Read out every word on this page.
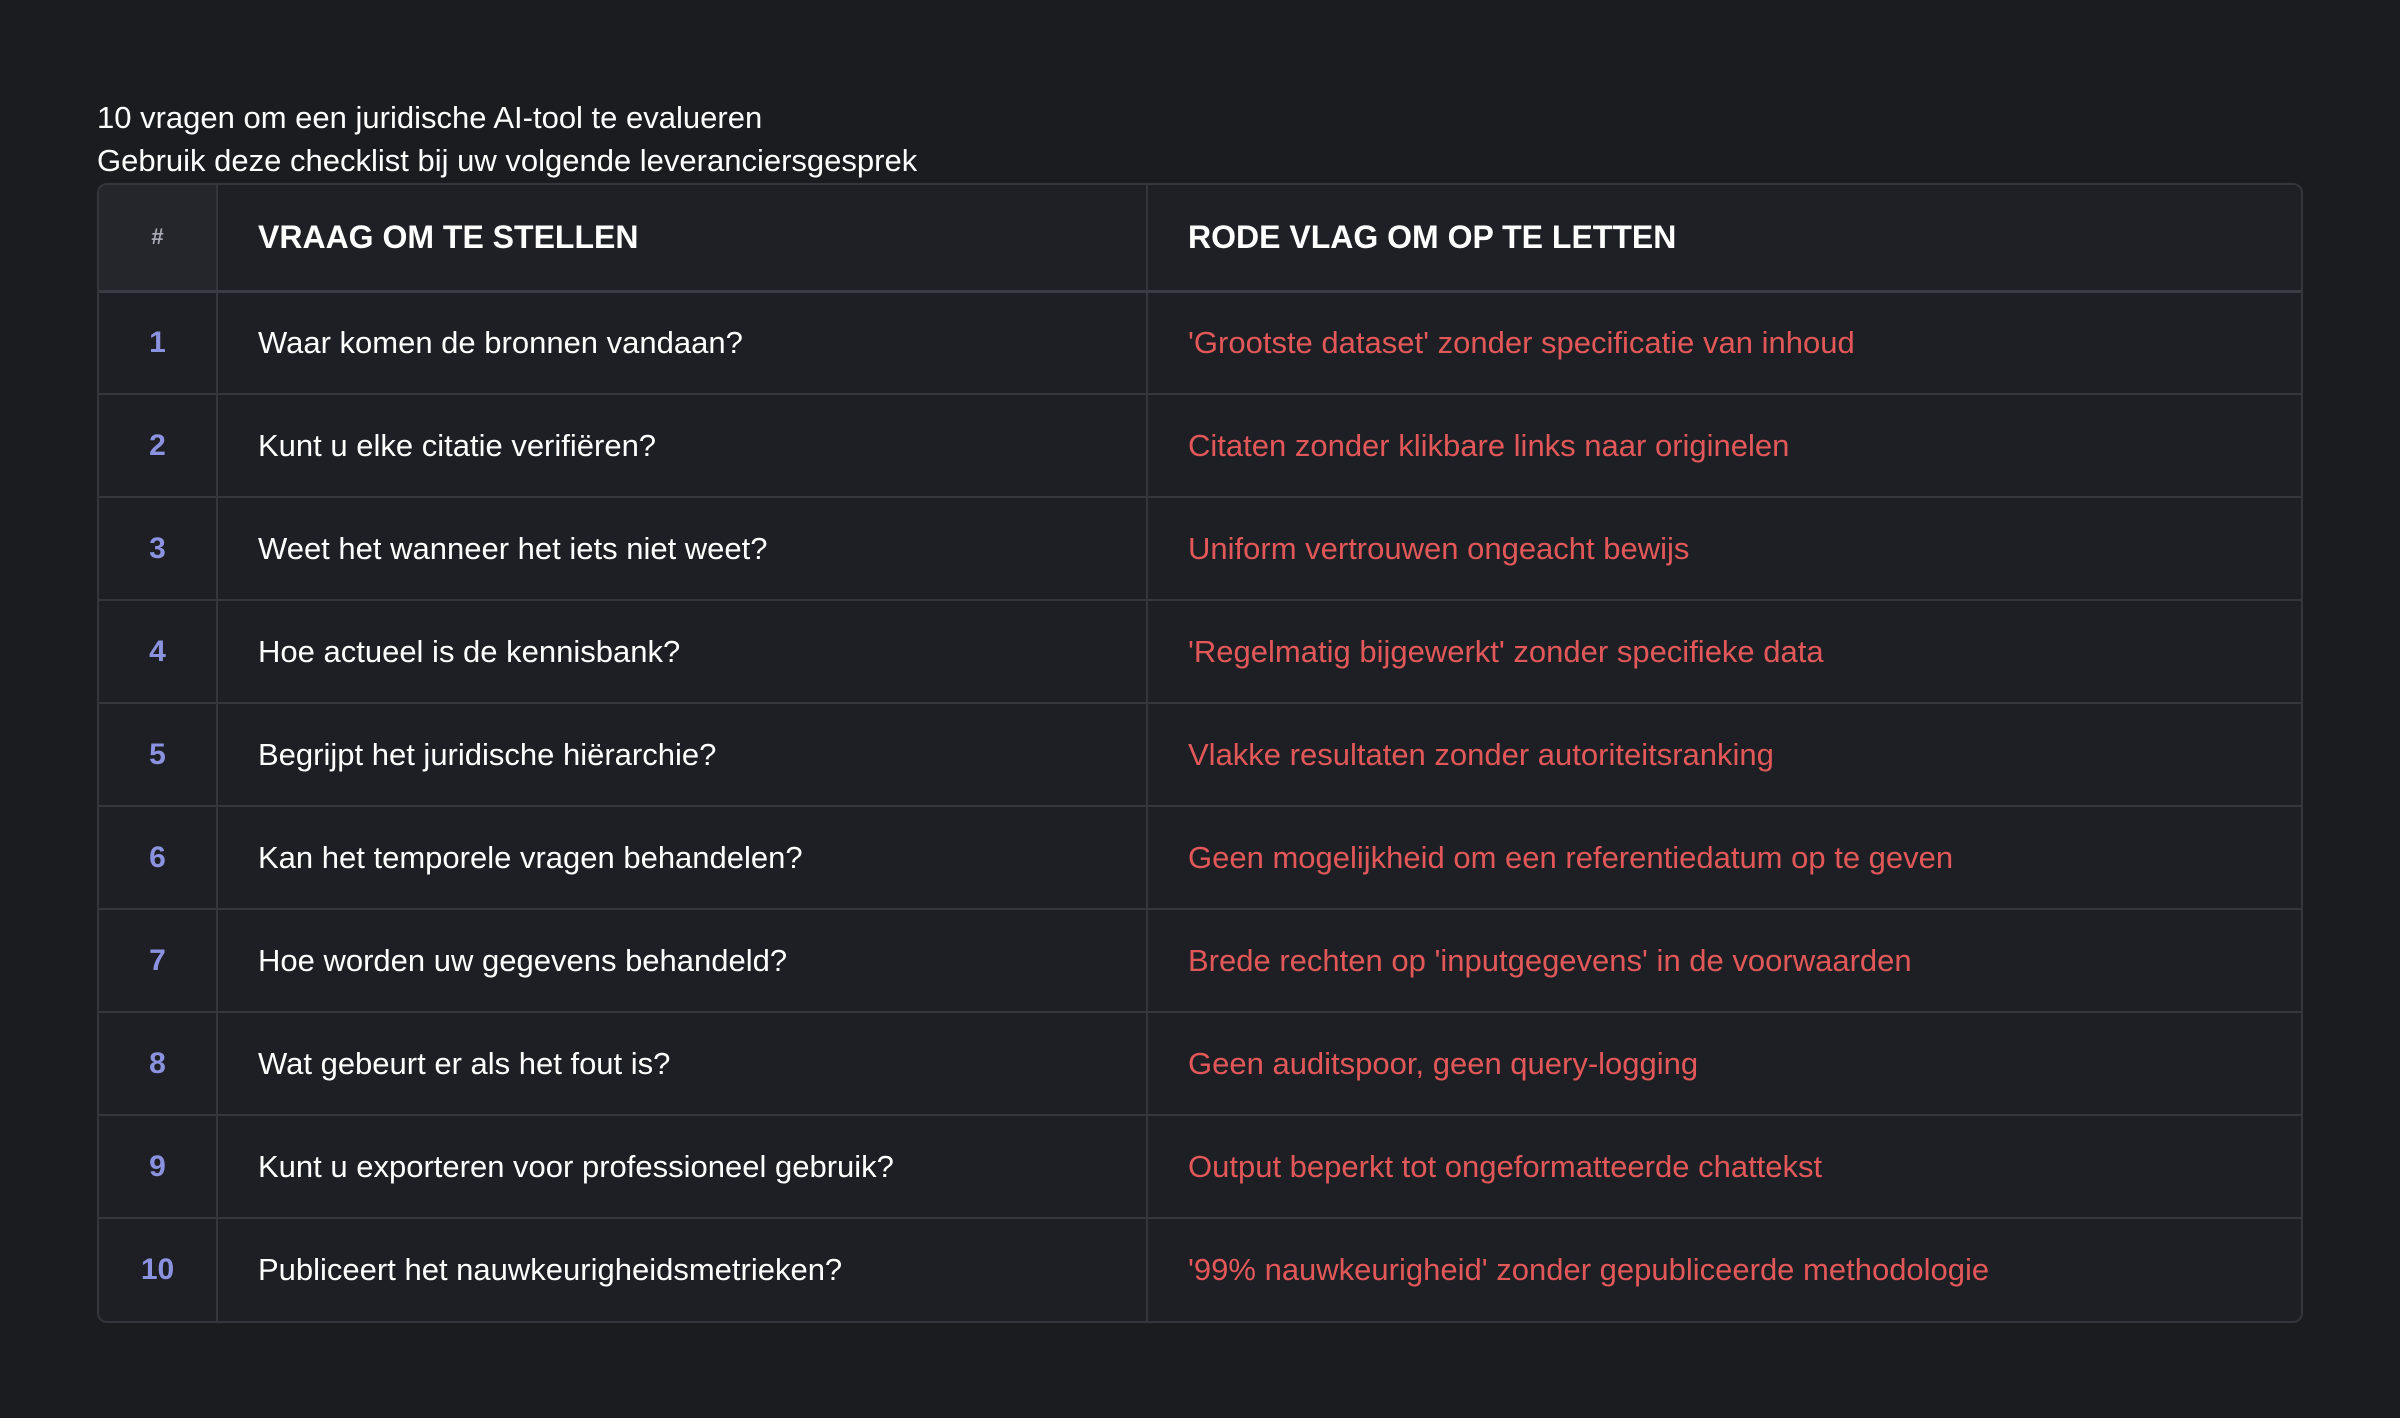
10 vragen om een juridische AI-tool te evalueren

Gebruik deze checklist bij uw volgende leveranciersgesprek

#	VRAAG OM TE STELLEN	RODE VLAG OM OP TE LETTEN
1	Waar komen de bronnen vandaan?	'Grootste dataset' zonder specificatie van inhoud
2	Kunt u elke citatie verifiëren?	Citaten zonder klikbare links naar originelen
3	Weet het wanneer het iets niet weet?	Uniform vertrouwen ongeacht bewijs
4	Hoe actueel is de kennisbank?	'Regelmatig bijgewerkt' zonder specifieke data
5	Begrijpt het juridische hiërarchie?	Vlakke resultaten zonder autoriteitsranking
6	Kan het temporele vragen behandelen?	Geen mogelijkheid om een referentiedatum op te geven
7	Hoe worden uw gegevens behandeld?	Brede rechten op 'inputgegevens' in de voorwaarden
8	Wat gebeurt er als het fout is?	Geen auditspoor, geen query-logging
9	Kunt u exporteren voor professioneel gebruik?	Output beperkt tot ongeformatteerde chattekst
10	Publiceert het nauwkeurigheidsmetrieken?	'99% nauwkeurigheid' zonder gepubliceerde methodologie
